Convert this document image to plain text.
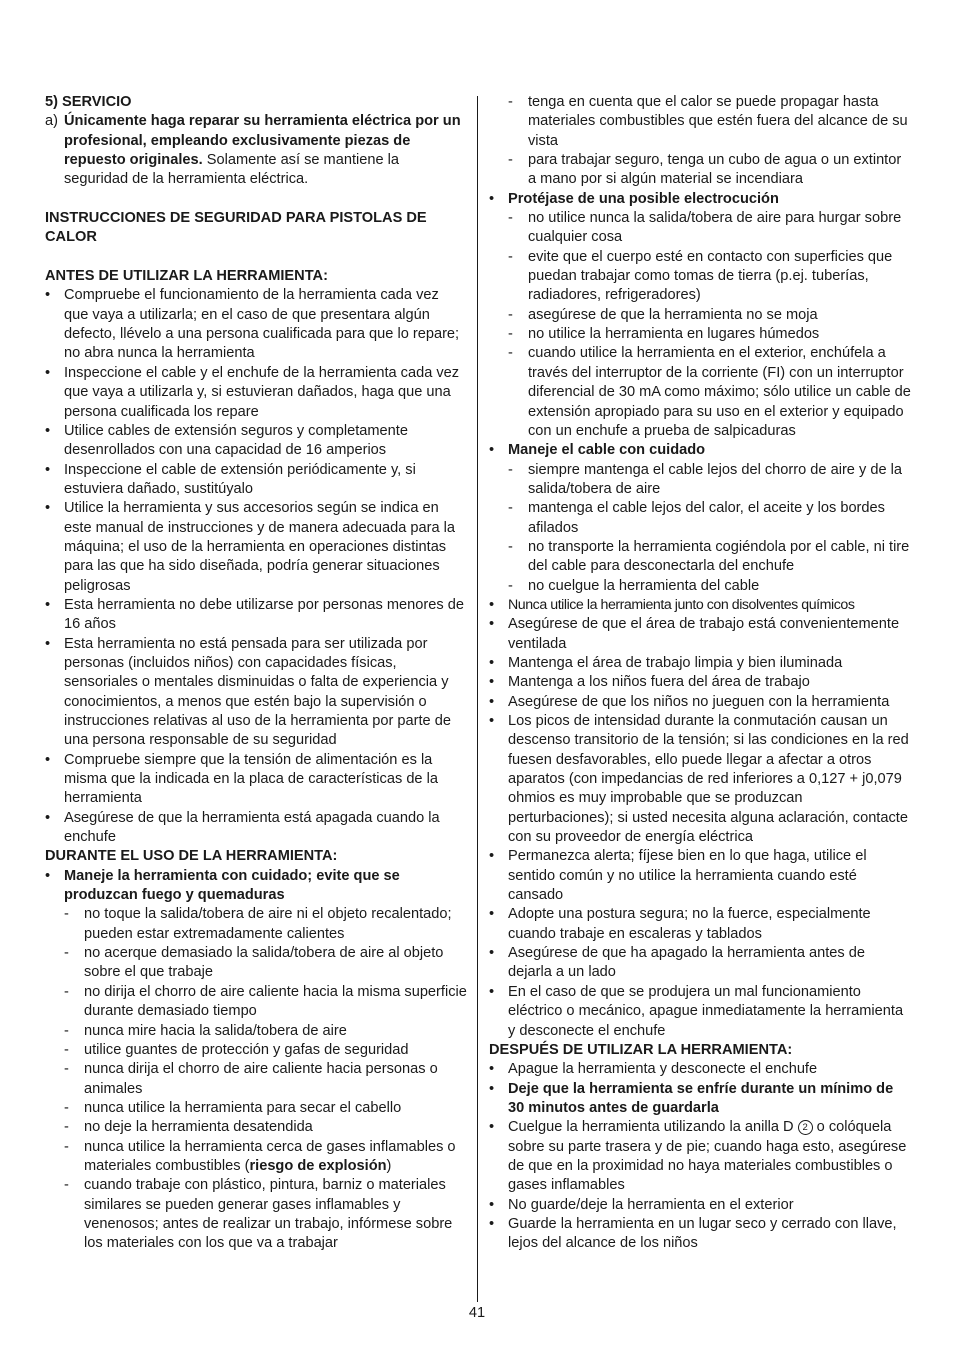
5) SERVICIO
a) Únicamente haga reparar su herramienta eléctrica por un profesional, empleando exclusivamente piezas de repuesto originales. Solamente así se mantiene la seguridad de la herramienta eléctrica.
INSTRUCCIONES DE SEGURIDAD PARA PISTOLAS DE CALOR
ANTES DE UTILIZAR LA HERRAMIENTA:
• Compruebe el funcionamiento de la herramienta cada vez que vaya a utilizarla; en el caso de que presentara algún defecto, llévelo a una persona cualificada para que lo repare; no abra nunca la herramienta
• Inspeccione el cable y el enchufe de la herramienta cada vez que vaya a utilizarla y, si estuvieran dañados, haga que una persona cualificada los repare
• Utilice cables de extensión seguros y completamente desenrollados con una capacidad de 16 amperios
• Inspeccione el cable de extensión periódicamente y, si estuviera dañado, sustitúyalo
• Utilice la herramienta y sus accesorios según se indica en este manual de instrucciones y de manera adecuada para la máquina; el uso de la herramienta en operaciones distintas para las que ha sido diseñada, podría generar situaciones peligrosas
• Esta herramienta no debe utilizarse por personas menores de 16 años
• Esta herramienta no está pensada para ser utilizada por personas (incluidos niños) con capacidades físicas, sensoriales o mentales disminuidas o falta de experiencia y conocimientos, a menos que estén bajo la supervisión o instrucciones relativas al uso de la herramienta por parte de una persona responsable de su seguridad
• Compruebe siempre que la tensión de alimentación es la misma que la indicada en la placa de características de la herramienta
• Asegúrese de que la herramienta está apagada cuando la enchufe
DURANTE EL USO DE LA HERRAMIENTA:
• Maneje la herramienta con cuidado; evite que se produzcan fuego y quemaduras
- no toque la salida/tobera de aire ni el objeto recalentado; pueden estar extremadamente calientes
- no acerque demasiado la salida/tobera de aire al objeto sobre el que trabaje
- no dirija el chorro de aire caliente hacia la misma superficie durante demasiado tiempo
- nunca mire hacia la salida/tobera de aire
- utilice guantes de protección y gafas de seguridad
- nunca dirija el chorro de aire caliente hacia personas o animales
- nunca utilice la herramienta para secar el cabello
- no deje la herramienta desatendida
- nunca utilice la herramienta cerca de gases inflamables o materiales combustibles (riesgo de explosión)
- cuando trabaje con plástico, pintura, barniz o materiales similares se pueden generar gases inflamables y venenosos; antes de realizar un trabajo, infórmese sobre los materiales con los que va a trabajar
- tenga en cuenta que el calor se puede propagar hasta materiales combustibles que estén fuera del alcance de su vista
- para trabajar seguro, tenga un cubo de agua o un extintor a mano por si algún material se incendiara
• Protéjase de una posible electrocución
- no utilice nunca la salida/tobera de aire para hurgar sobre cualquier cosa
- evite que el cuerpo esté en contacto con superficies que puedan trabajar como tomas de tierra (p.ej. tuberías, radiadores, refrigeradores)
- asegúrese de que la herramienta no se moja
- no utilice la herramienta en lugares húmedos
- cuando utilice la herramienta en el exterior, enchúfela a través del interruptor de la corriente (FI) con un interruptor diferencial de 30 mA como máximo; sólo utilice un cable de extensión apropiado para su uso en el exterior y equipado con un enchufe a prueba de salpicaduras
• Maneje el cable con cuidado
- siempre mantenga el cable lejos del chorro de aire y de la salida/tobera de aire
- mantenga el cable lejos del calor, el aceite y los bordes afilados
- no transporte la herramienta cogiéndola por el cable, ni tire del cable para desconectarla del enchufe
- no cuelgue la herramienta del cable
• Nunca utilice la herramienta junto con disolventes químicos
• Asegúrese de que el área de trabajo está convenientemente ventilada
• Mantenga el área de trabajo limpia y bien iluminada
• Mantenga a los niños fuera del área de trabajo
• Asegúrese de que los niños no jueguen con la herramienta
• Los picos de intensidad durante la conmutación causan un descenso transitorio de la tensión; si las condiciones en la red fuesen desfavorables, ello puede llegar a afectar a otros aparatos (con impedancias de red inferiores a 0,127 + j0,079 ohmios es muy improbable que se produzcan perturbaciones); si usted necesita alguna aclaración, contacte con su proveedor de energía eléctrica
• Permanezca alerta; fíjese bien en lo que haga, utilice el sentido común y no utilice la herramienta cuando esté cansado
• Adopte una postura segura; no la fuerce, especialmente cuando trabaje en escaleras y tablados
• Asegúrese de que ha apagado la herramienta antes de dejarla a un lado
• En el caso de que se produjera un mal funcionamiento eléctrico o mecánico, apague inmediatamente la herramienta y desconecte el enchufe
DESPUÉS DE UTILIZAR LA HERRAMIENTA:
• Apague la herramienta y desconecte el enchufe
• Deje que la herramienta se enfríe durante un mínimo de 30 minutos antes de guardarla
• Cuelgue la herramienta utilizando la anilla D 2 o colóquela sobre su parte trasera y de pie; cuando haga esto, asegúrese de que en la proximidad no haya materiales combustibles o gases inflamables
• No guarde/deje la herramienta en el exterior
• Guarde la herramienta en un lugar seco y cerrado con llave, lejos del alcance de los niños
41
